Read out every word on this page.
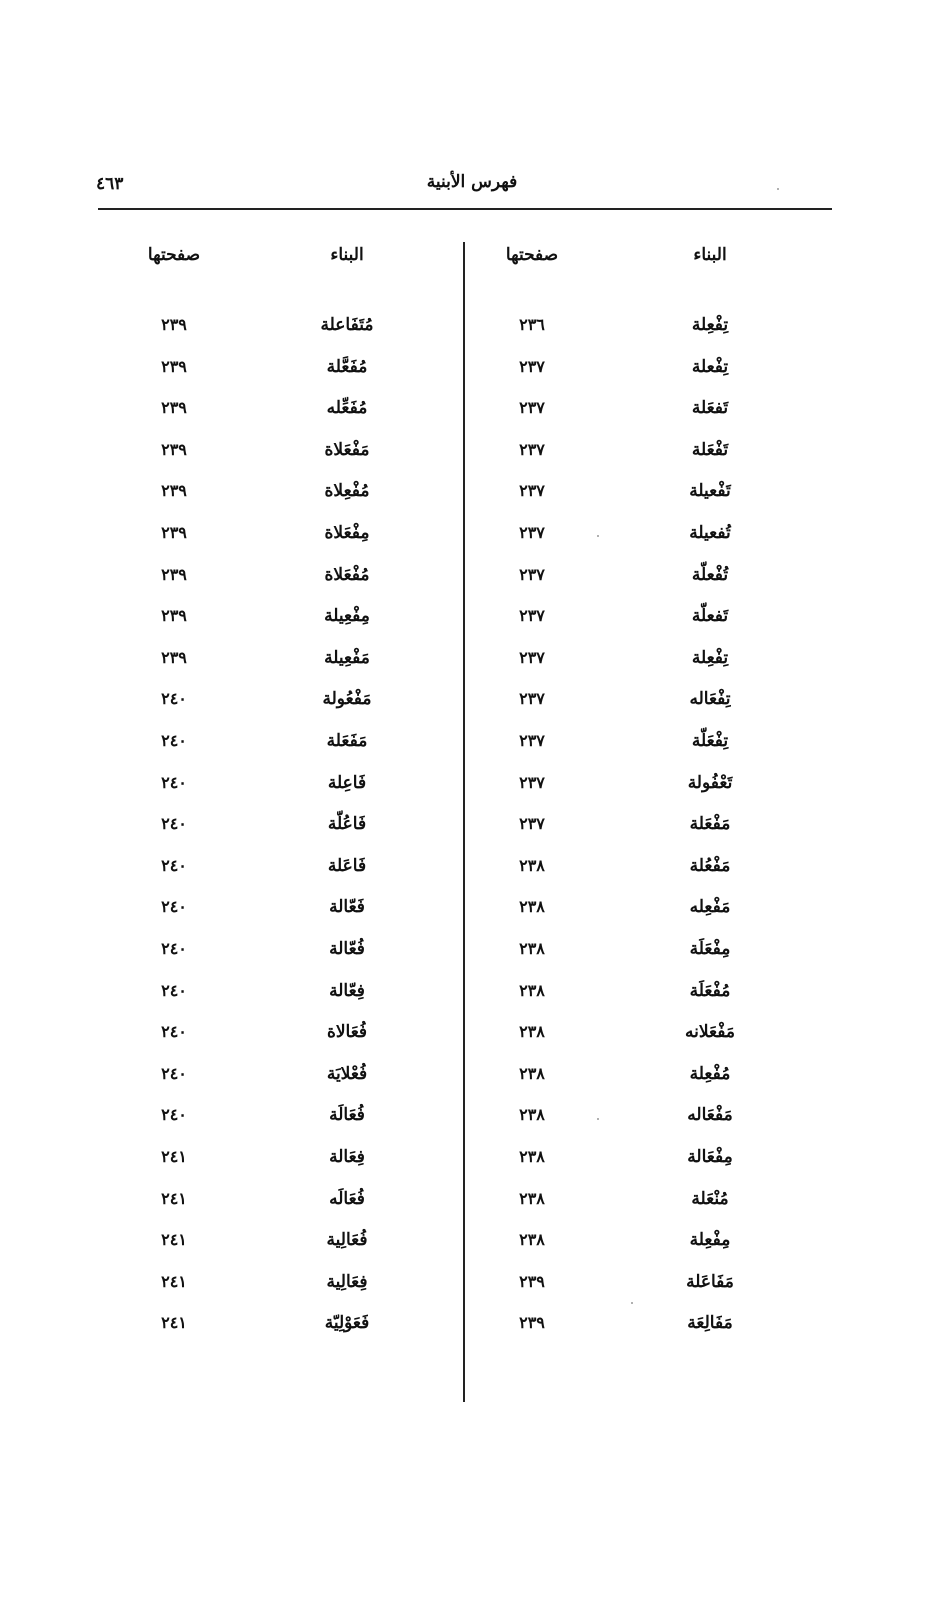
٤٦٣	فهرس الأبنية
البناء
صفحتها
البناء
صفحتها
تِفْعِلة
٢٣٦
تِفْعلة
٢٣٧
تَفعَلة
٢٣٧
تَفْعَلة
٢٣٧
تَفْعيلة
٢٣٧
تُفعيلة
٢٣٧
تُفْعلّة
٢٣٧
تَفعلّة
٢٣٧
تِفْعِلة
٢٣٧
تِفْعَاله
٢٣٧
تِفْعَلّة
٢٣٧
تَعْفُولة
٢٣٧
مَفْعَلة
٢٣٧
مَفْعُلة
٢٣٨
مَفْعِله
٢٣٨
مِفْعَلَة
٢٣٨
مُفْعَلَة
٢٣٨
مَفْعَلانه
٢٣٨
مُفْعِلة
٢٣٨
مَفْعَاله
٢٣٨
مِفْعَالة
٢٣٨
مُنْعَلة
٢٣٨
مِفْعِلة
٢٣٨
مَفَاعَلة
٢٣٩
مَفَالِعَة
٢٣٩
مُتَفَاعلة
٢٣٩
مُفَعَّلة
٢٣٩
مُفَعِّله
٢٣٩
مَفْعَلاة
٢٣٩
مُفْعِلاة
٢٣٩
مِفْعَلاة
٢٣٩
مُفْعَلاة
٢٣٩
مِفْعِيلة
٢٣٩
مَفْعِيلة
٢٣٩
مَفْعُولة
٢٤٠
مَفَعَلة
٢٤٠
فَاعِلة
٢٤٠
فَاعُلّة
٢٤٠
فَاعَلة
٢٤٠
فَعّالة
٢٤٠
فُعّالة
٢٤٠
فِعّالة
٢٤٠
فُعَالاة
٢٤٠
فُعْلايَة
٢٤٠
فُعَالَة
٢٤٠
فِعَالة
٢٤١
فُعَالَه
٢٤١
فُعَالِية
٢٤١
فِعَالِية
٢٤١
فَعَوْلِيّة
٢٤١
